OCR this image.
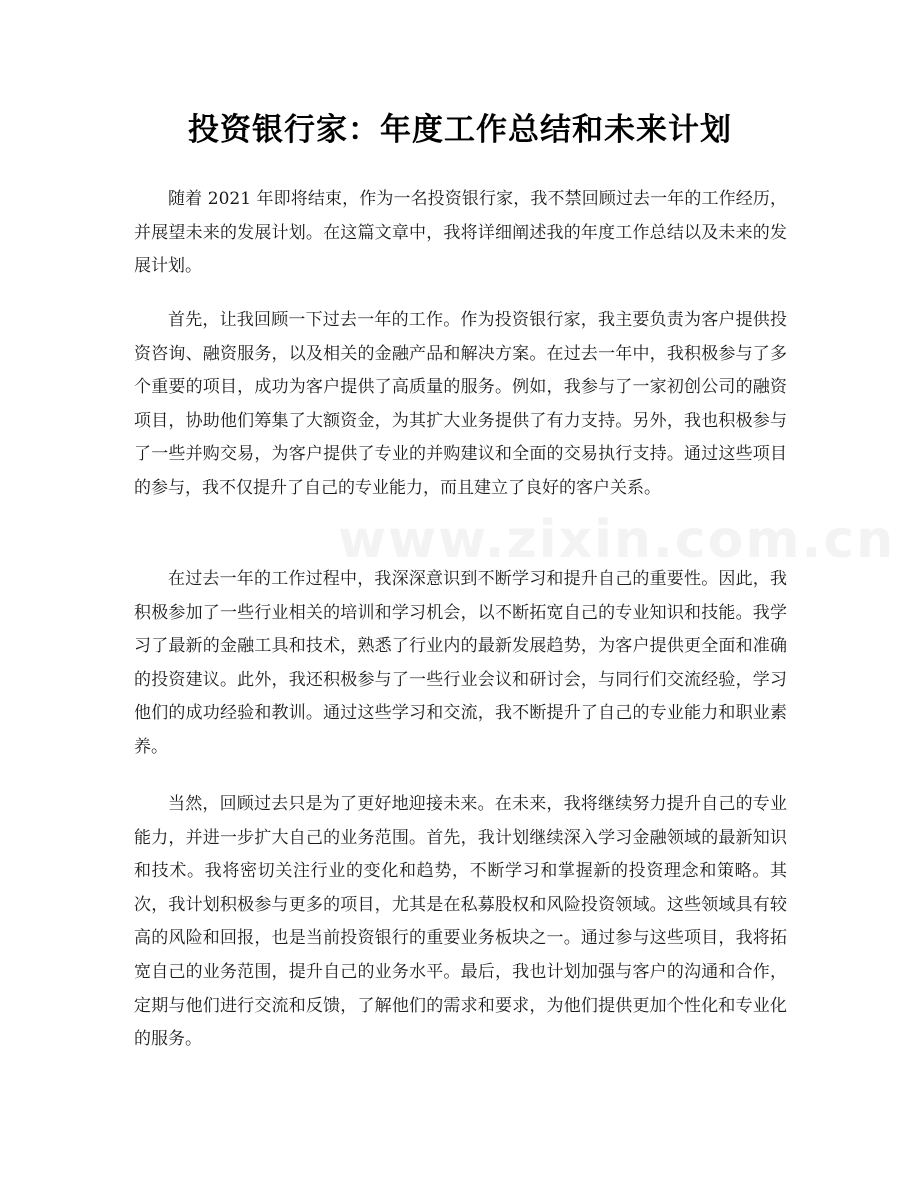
投资银行家：年度工作总结和未来计划

随着 2021 年即将结束，作为一名投资银行家，我不禁回顾过去一年的工作经历，并展望未来的发展计划。在这篇文章中，我将详细阐述我的年度工作总结以及未来的发展计划。

首先，让我回顾一下过去一年的工作。作为投资银行家，我主要负责为客户提供投资咨询、融资服务，以及相关的金融产品和解决方案。在过去一年中，我积极参与了多个重要的项目，成功为客户提供了高质量的服务。例如，我参与了一家初创公司的融资项目，协助他们筹集了大额资金，为其扩大业务提供了有力支持。另外，我也积极参与了一些并购交易，为客户提供了专业的并购建议和全面的交易执行支持。通过这些项目的参与，我不仅提升了自己的专业能力，而且建立了良好的客户关系。

在过去一年的工作过程中，我深深意识到不断学习和提升自己的重要性。因此，我积极参加了一些行业相关的培训和学习机会，以不断拓宽自己的专业知识和技能。我学习了最新的金融工具和技术，熟悉了行业内的最新发展趋势，为客户提供更全面和准确的投资建议。此外，我还积极参与了一些行业会议和研讨会，与同行们交流经验，学习他们的成功经验和教训。通过这些学习和交流，我不断提升了自己的专业能力和职业素养。

当然，回顾过去只是为了更好地迎接未来。在未来，我将继续努力提升自己的专业能力，并进一步扩大自己的业务范围。首先，我计划继续深入学习金融领域的最新知识和技术。我将密切关注行业的变化和趋势，不断学习和掌握新的投资理念和策略。其次，我计划积极参与更多的项目，尤其是在私募股权和风险投资领域。这些领域具有较高的风险和回报，也是当前投资银行的重要业务板块之一。通过参与这些项目，我将拓宽自己的业务范围，提升自己的业务水平。最后，我也计划加强与客户的沟通和合作，定期与他们进行交流和反馈，了解他们的需求和要求，为他们提供更加个性化和专业化的服务。

www.zixin.com.cn
